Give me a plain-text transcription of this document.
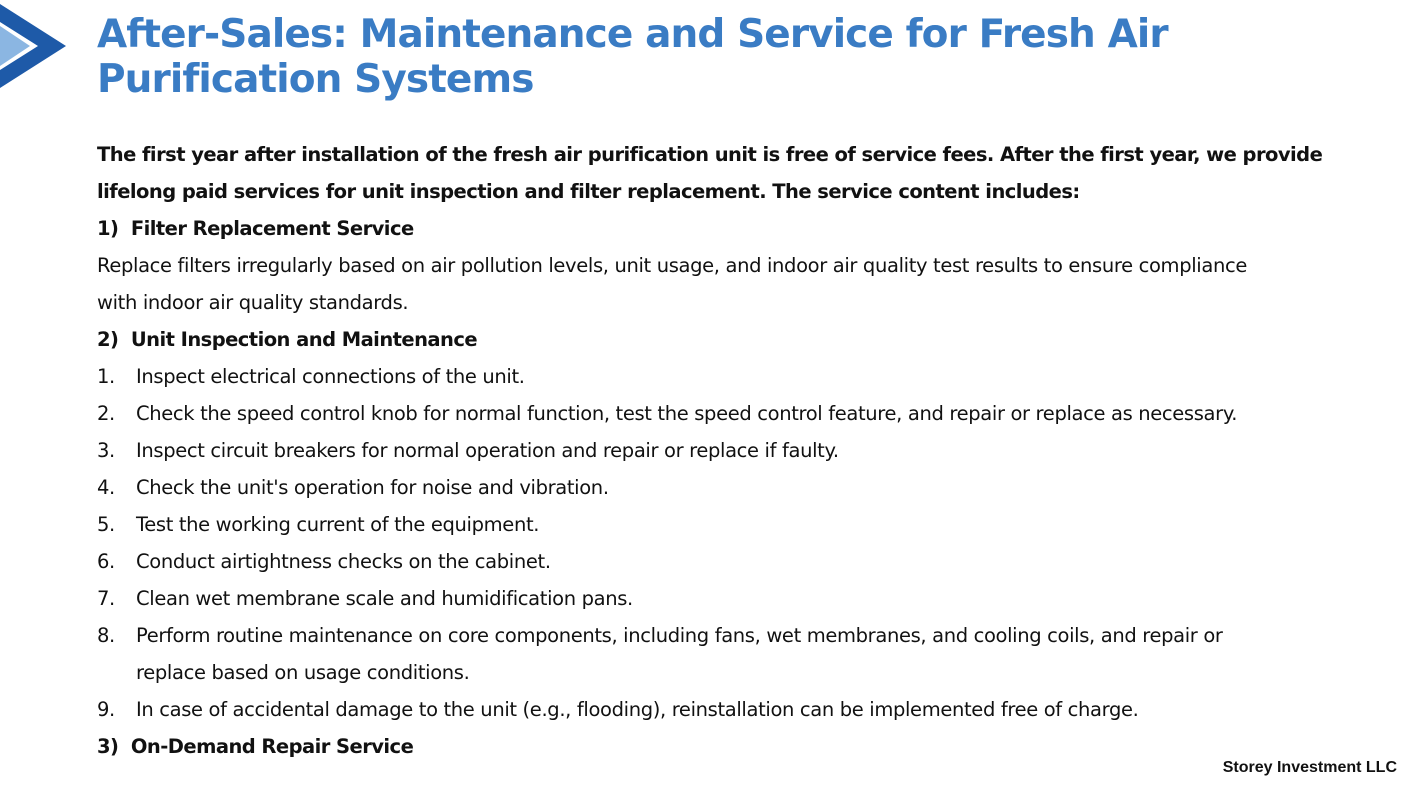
After-Sales: Maintenance and Service for Fresh Air
Purification Systems
The first year after installation of the fresh air purification unit is free of service fees. After the first year, we provide
lifelong paid services for unit inspection and filter replacement. The service content includes:
1)  Filter Replacement Service
Replace filters irregularly based on air pollution levels, unit usage, and indoor air quality test results to ensure compliance
with indoor air quality standards.
2)  Unit Inspection and Maintenance
1. Inspect electrical connections of the unit.
2. Check the speed control knob for normal function, test the speed control feature, and repair or replace as necessary.
3. Inspect circuit breakers for normal operation and repair or replace if faulty.
4. Check the unit's operation for noise and vibration.
5. Test the working current of the equipment.
6. Conduct airtightness checks on the cabinet.
7. Clean wet membrane scale and humidification pans.
8. Perform routine maintenance on core components, including fans, wet membranes, and cooling coils, and repair or
replace based on usage conditions.
9. In case of accidental damage to the unit (e.g., flooding), reinstallation can be implemented free of charge.
3)  On-Demand Repair Service
Storey Investment LLC
